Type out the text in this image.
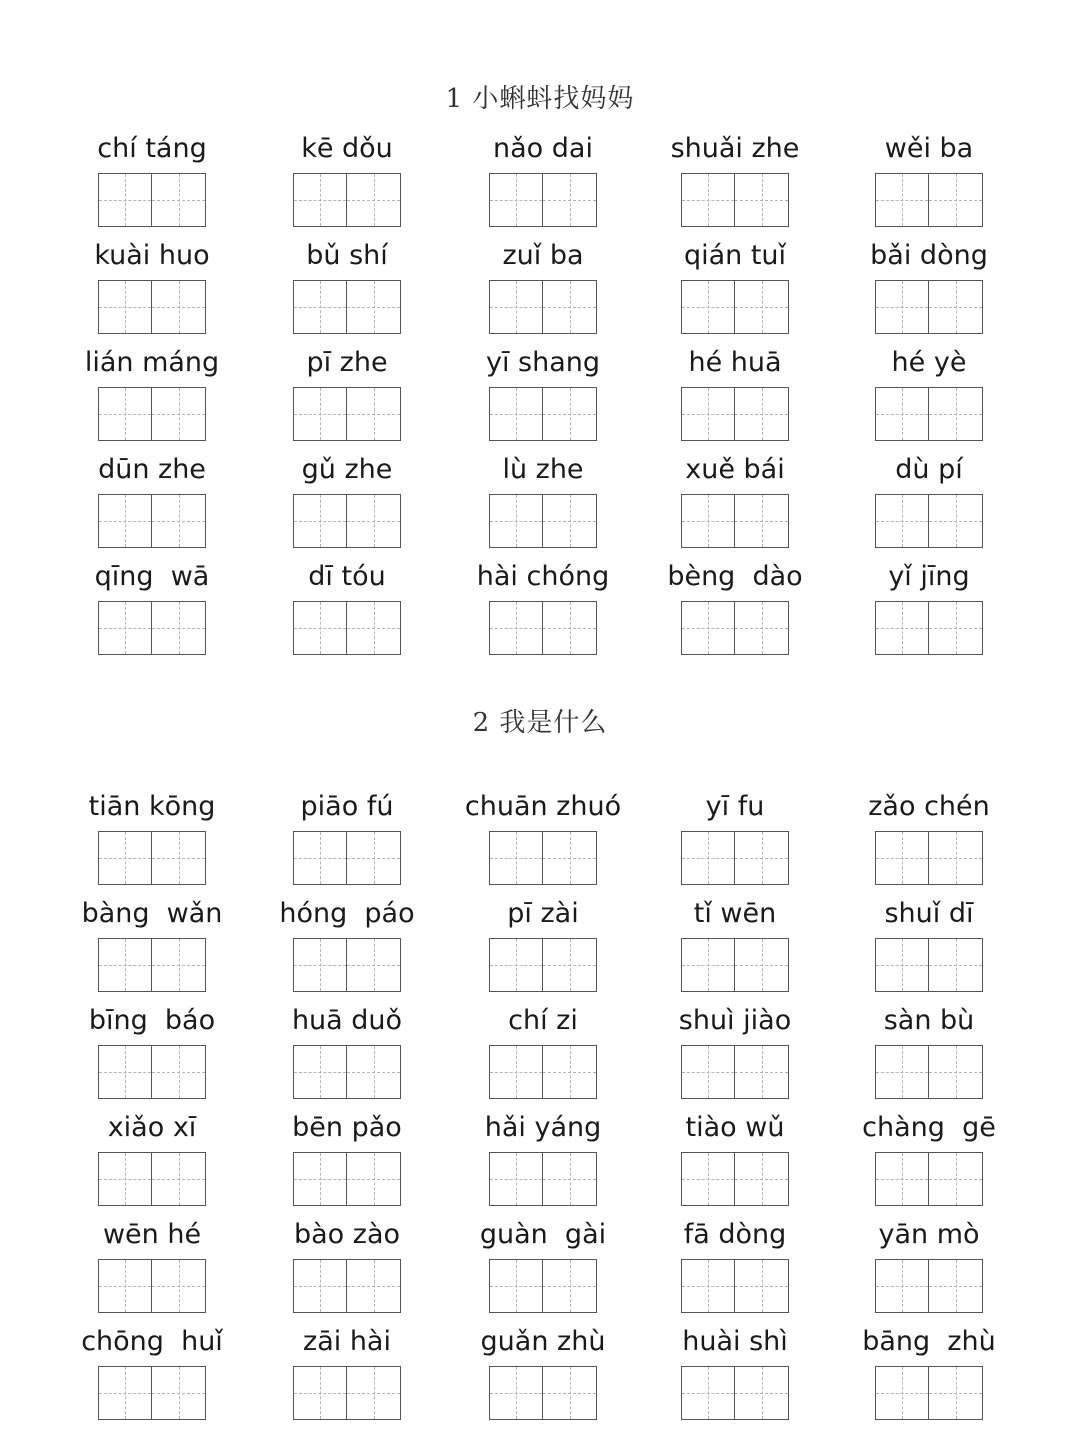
1 小蝌蚪找妈妈
2 我是什么
chí táng	kē dǒu	nǎo dai	shuǎi zhe	wěi ba
kuài huo	bǔ shí	zuǐ ba	qián tuǐ	bǎi dòng
lián máng	pī zhe	yī shang	hé huā	hé yè
dūn zhe	gǔ zhe	lù zhe	xuě bái	dù pí
qīng  wā	dī tóu	hài chóng	bèng  dào	yǐ jīng
tiān kōng	piāo fú	chuān zhuó	yī fu	zǎo chén
bàng  wǎn	hóng  páo	pī zài	tǐ wēn	shuǐ dī
bīng  báo	huā duǒ	chí zi	shuì jiào	sàn bù
xiǎo xī	bēn pǎo	hǎi yáng	tiào wǔ	chàng  gē
wēn hé	bào zào	guàn  gài	fā dòng	yān mò
chōng  huǐ	zāi hài	guǎn zhù	huài shì	bāng  zhù
